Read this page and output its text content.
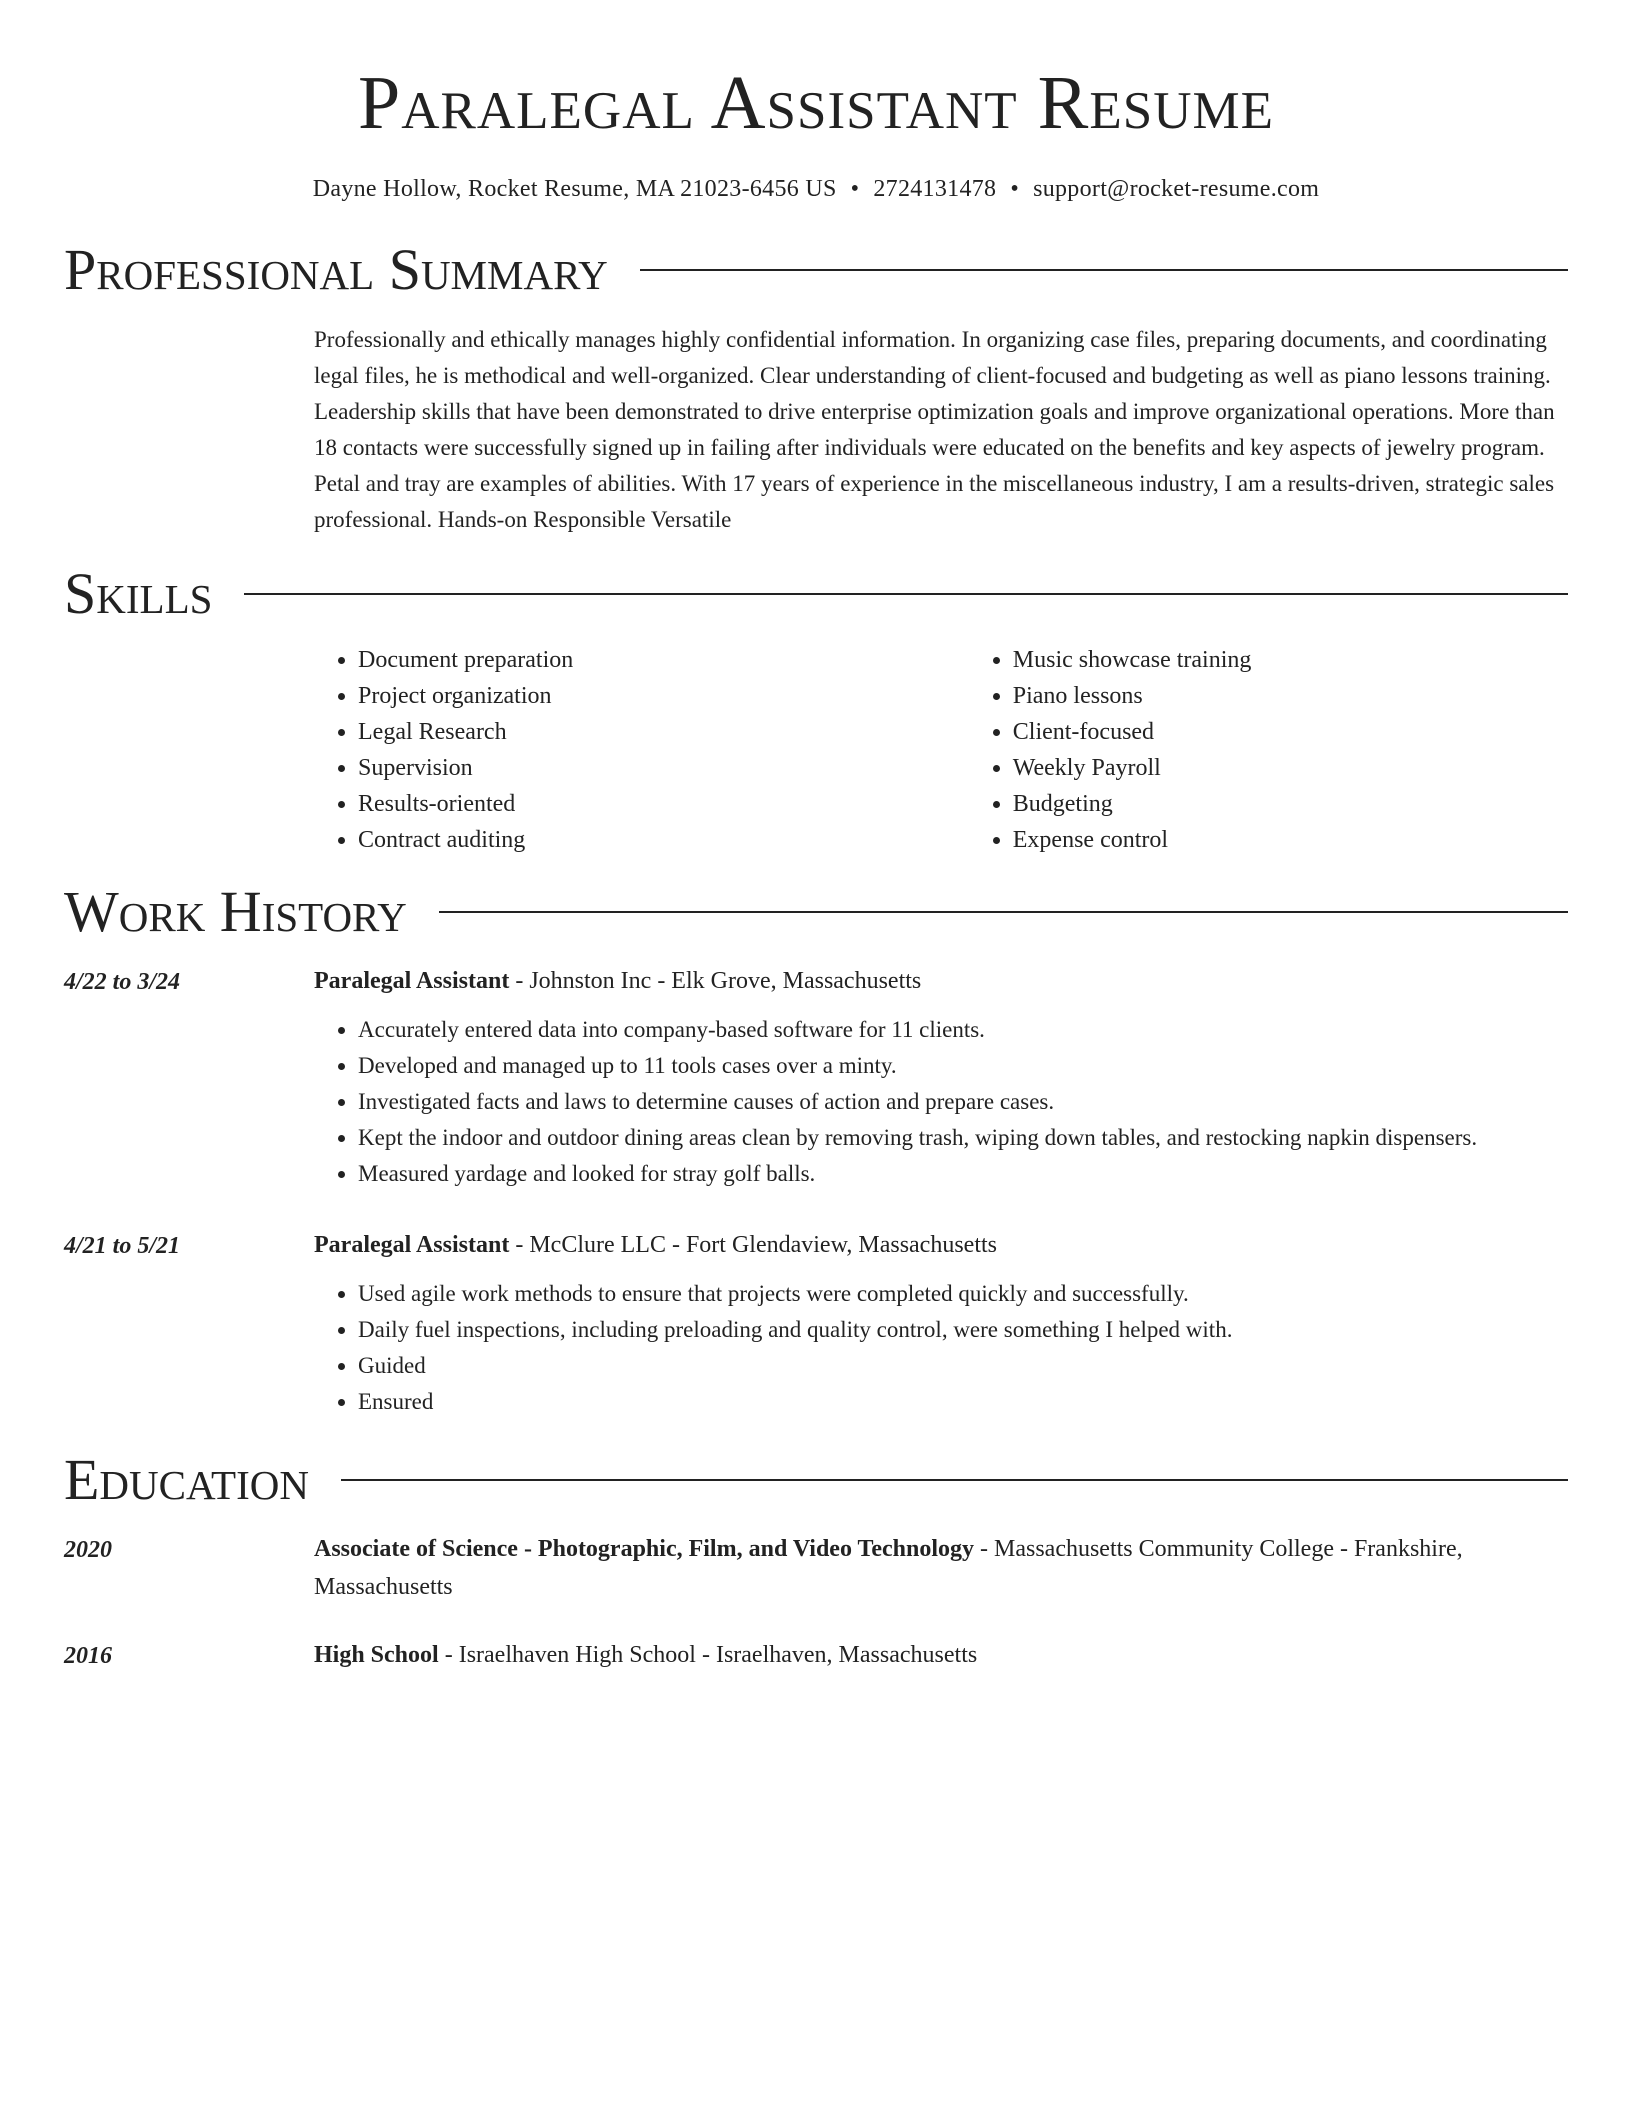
Paralegal Assistant Resume
Dayne Hollow, Rocket Resume, MA 21023-6456 US • 2724131478 • support@rocket-resume.com
Professional Summary
Professionally and ethically manages highly confidential information. In organizing case files, preparing documents, and coordinating legal files, he is methodical and well-organized. Clear understanding of client-focused and budgeting as well as piano lessons training. Leadership skills that have been demonstrated to drive enterprise optimization goals and improve organizational operations. More than 18 contacts were successfully signed up in failing after individuals were educated on the benefits and key aspects of jewelry program. Petal and tray are examples of abilities. With 17 years of experience in the miscellaneous industry, I am a results-driven, strategic sales professional. Hands-on Responsible Versatile
Skills
• Document preparation
• Project organization
• Legal Research
• Supervision
• Results-oriented
• Contract auditing
• Music showcase training
• Piano lessons
• Client-focused
• Weekly Payroll
• Budgeting
• Expense control
Work History
4/22 to 3/24	Paralegal Assistant - Johnston Inc - Elk Grove, Massachusetts
• Accurately entered data into company-based software for 11 clients.
• Developed and managed up to 11 tools cases over a minty.
• Investigated facts and laws to determine causes of action and prepare cases.
• Kept the indoor and outdoor dining areas clean by removing trash, wiping down tables, and restocking napkin dispensers.
• Measured yardage and looked for stray golf balls.
4/21 to 5/21	Paralegal Assistant - McClure LLC - Fort Glendaview, Massachusetts
• Used agile work methods to ensure that projects were completed quickly and successfully.
• Daily fuel inspections, including preloading and quality control, were something I helped with.
• Guided
• Ensured
Education
2020	Associate of Science - Photographic, Film, and Video Technology - Massachusetts Community College - Frankshire, Massachusetts
2016	High School - Israelhaven High School - Israelhaven, Massachusetts
